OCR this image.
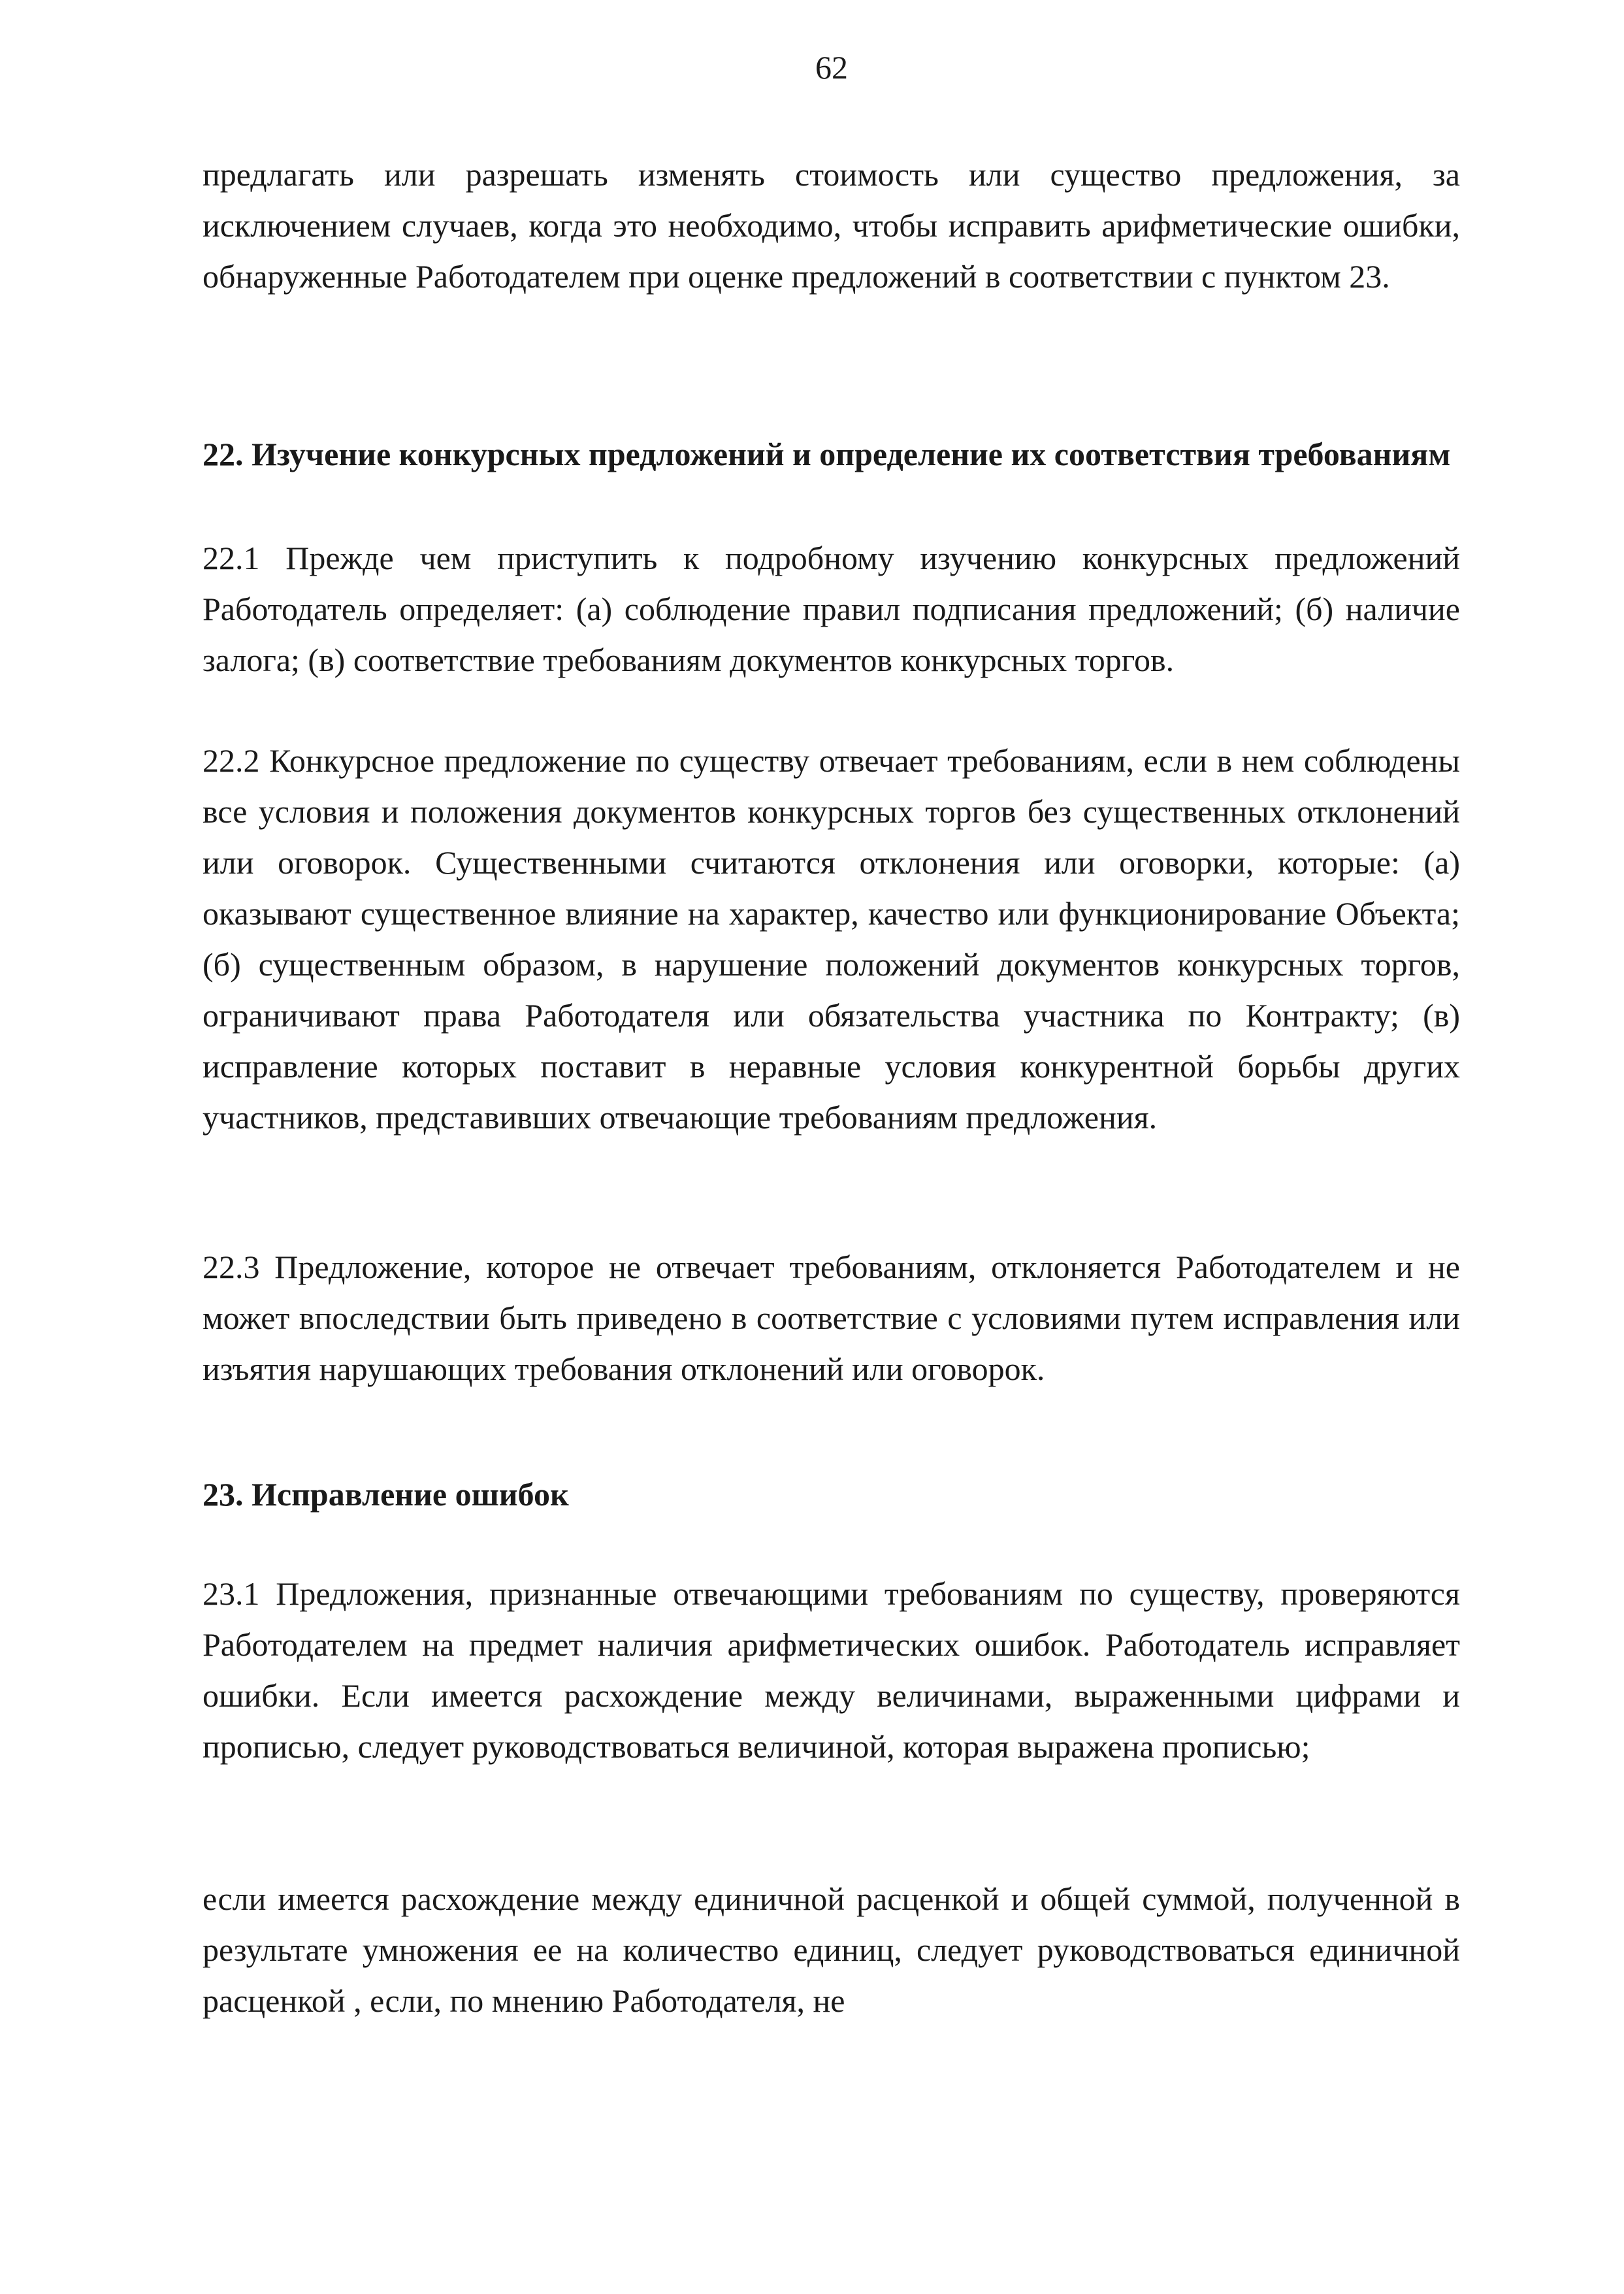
62

предлагать или разрешать изменять стоимость или существо предложения, за исключением случаев, когда это необходимо, чтобы исправить арифметические ошибки, обнаруженные Работодателем при оценке предложений в соответствии с пунктом 23.

22. Изучение конкурсных предложений и определение их соответствия требованиям

22.1 Прежде чем приступить к подробному изучению конкурсных предложений Работодатель определяет: (а) соблюдение правил подписания предложений; (б) наличие залога; (в) соответствие требованиям документов конкурсных торгов.

22.2 Конкурсное предложение по существу отвечает требованиям, если в нем соблюдены все условия и положения документов конкурсных торгов без существенных отклонений или оговорок. Существенными считаются отклонения или оговорки, которые: (а) оказывают существенное влияние на характер, качество или функционирование Объекта; (б) существенным образом, в нарушение положений документов конкурсных торгов, ограничивают права Работодателя или обязательства участника по Контракту; (в) исправление которых поставит в неравные условия конкурентной борьбы других участников, представивших отвечающие требованиям предложения.

22.3 Предложение, которое не отвечает требованиям, отклоняется Работодателем и не может впоследствии быть приведено в соответствие с условиями путем исправления или изъятия нарушающих требования отклонений или оговорок.

23. Исправление ошибок

23.1 Предложения, признанные отвечающими требованиям по существу, проверяются Работодателем на предмет наличия арифметических ошибок. Работодатель исправляет ошибки. Если имеется расхождение между величинами, выраженными цифрами и прописью, следует руководствоваться величиной, которая выражена прописью;

если имеется расхождение между единичной расценкой и общей суммой, полученной в результате умножения ее на количество единиц, следует руководствоваться единичной расценкой , если, по мнению Работодателя, не
